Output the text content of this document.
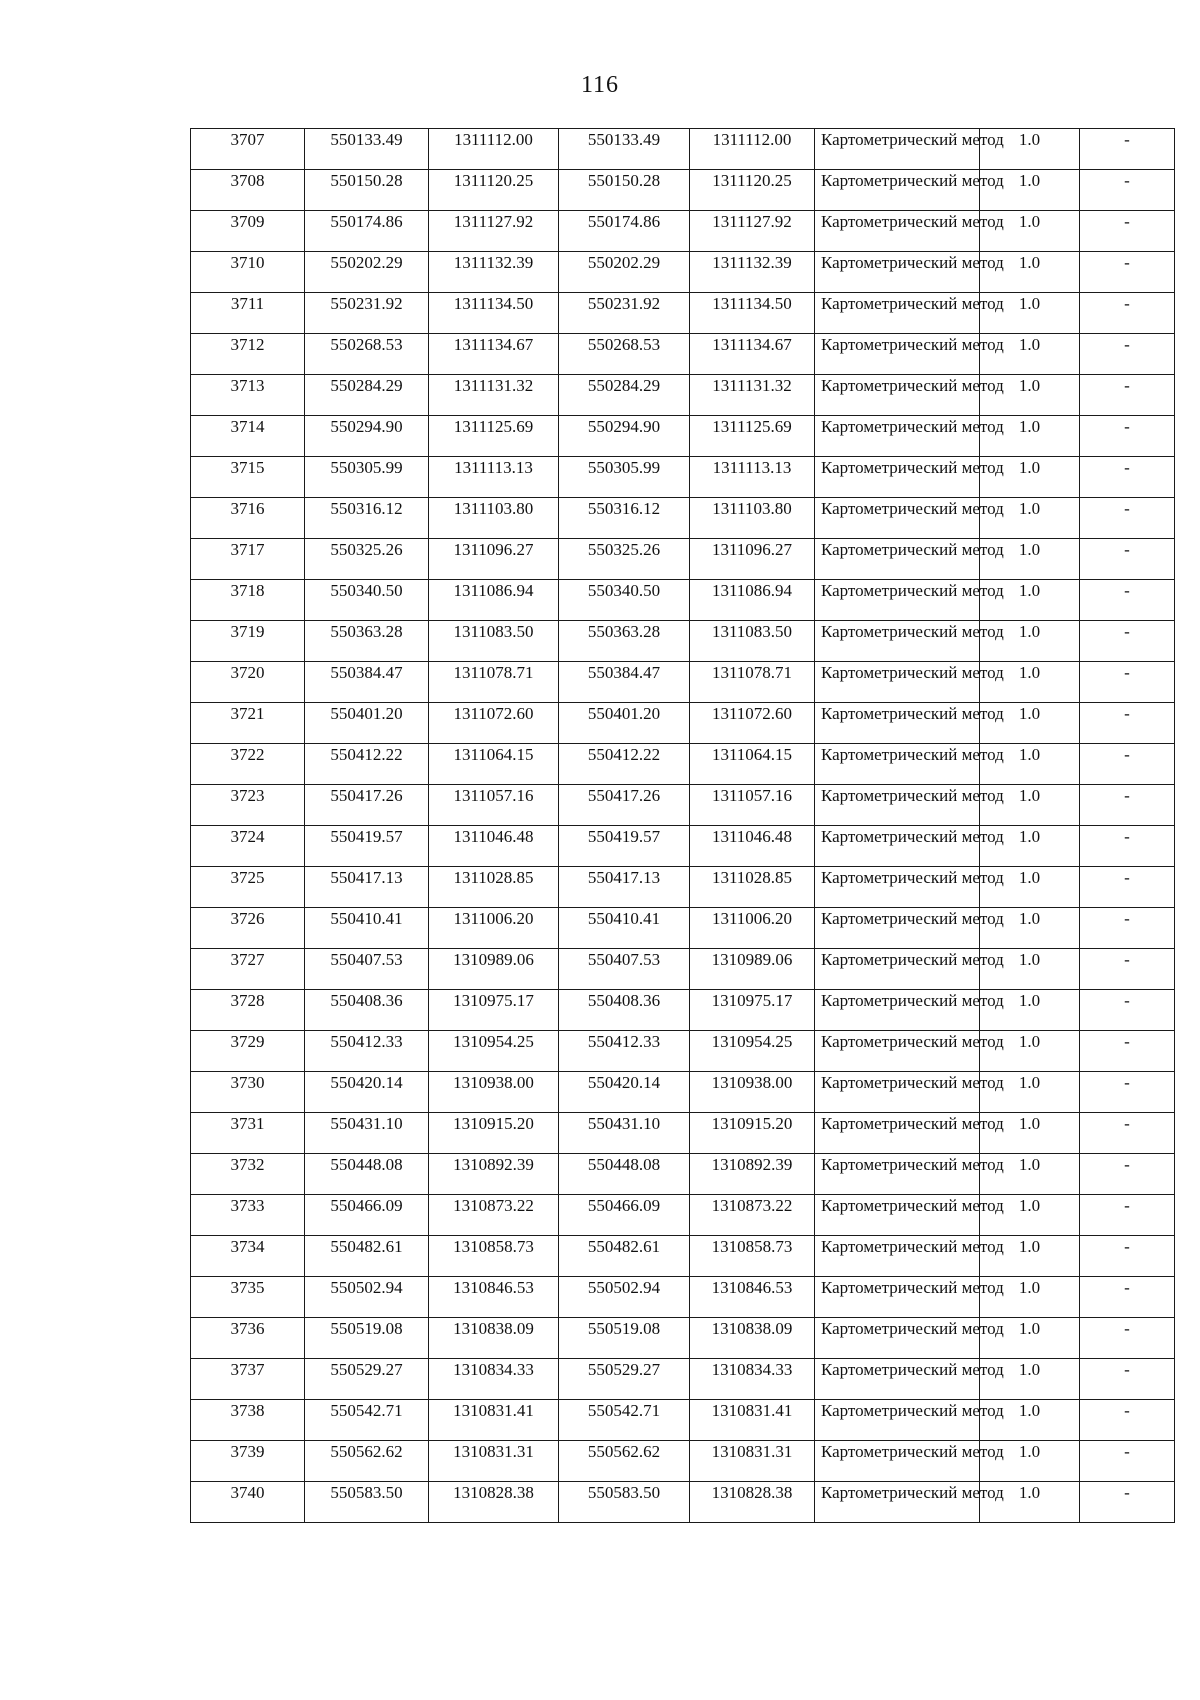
116
3707	550133.49	1311112.00	550133.49	1311112.00	Картометрический метод	1.0	-
3708	550150.28	1311120.25	550150.28	1311120.25	Картометрический метод	1.0	-
3709	550174.86	1311127.92	550174.86	1311127.92	Картометрический метод	1.0	-
3710	550202.29	1311132.39	550202.29	1311132.39	Картометрический метод	1.0	-
3711	550231.92	1311134.50	550231.92	1311134.50	Картометрический метод	1.0	-
3712	550268.53	1311134.67	550268.53	1311134.67	Картометрический метод	1.0	-
3713	550284.29	1311131.32	550284.29	1311131.32	Картометрический метод	1.0	-
3714	550294.90	1311125.69	550294.90	1311125.69	Картометрический метод	1.0	-
3715	550305.99	1311113.13	550305.99	1311113.13	Картометрический метод	1.0	-
3716	550316.12	1311103.80	550316.12	1311103.80	Картометрический метод	1.0	-
3717	550325.26	1311096.27	550325.26	1311096.27	Картометрический метод	1.0	-
3718	550340.50	1311086.94	550340.50	1311086.94	Картометрический метод	1.0	-
3719	550363.28	1311083.50	550363.28	1311083.50	Картометрический метод	1.0	-
3720	550384.47	1311078.71	550384.47	1311078.71	Картометрический метод	1.0	-
3721	550401.20	1311072.60	550401.20	1311072.60	Картометрический метод	1.0	-
3722	550412.22	1311064.15	550412.22	1311064.15	Картометрический метод	1.0	-
3723	550417.26	1311057.16	550417.26	1311057.16	Картометрический метод	1.0	-
3724	550419.57	1311046.48	550419.57	1311046.48	Картометрический метод	1.0	-
3725	550417.13	1311028.85	550417.13	1311028.85	Картометрический метод	1.0	-
3726	550410.41	1311006.20	550410.41	1311006.20	Картометрический метод	1.0	-
3727	550407.53	1310989.06	550407.53	1310989.06	Картометрический метод	1.0	-
3728	550408.36	1310975.17	550408.36	1310975.17	Картометрический метод	1.0	-
3729	550412.33	1310954.25	550412.33	1310954.25	Картометрический метод	1.0	-
3730	550420.14	1310938.00	550420.14	1310938.00	Картометрический метод	1.0	-
3731	550431.10	1310915.20	550431.10	1310915.20	Картометрический метод	1.0	-
3732	550448.08	1310892.39	550448.08	1310892.39	Картометрический метод	1.0	-
3733	550466.09	1310873.22	550466.09	1310873.22	Картометрический метод	1.0	-
3734	550482.61	1310858.73	550482.61	1310858.73	Картометрический метод	1.0	-
3735	550502.94	1310846.53	550502.94	1310846.53	Картометрический метод	1.0	-
3736	550519.08	1310838.09	550519.08	1310838.09	Картометрический метод	1.0	-
3737	550529.27	1310834.33	550529.27	1310834.33	Картометрический метод	1.0	-
3738	550542.71	1310831.41	550542.71	1310831.41	Картометрический метод	1.0	-
3739	550562.62	1310831.31	550562.62	1310831.31	Картометрический метод	1.0	-
3740	550583.50	1310828.38	550583.50	1310828.38	Картометрический метод	1.0	-
